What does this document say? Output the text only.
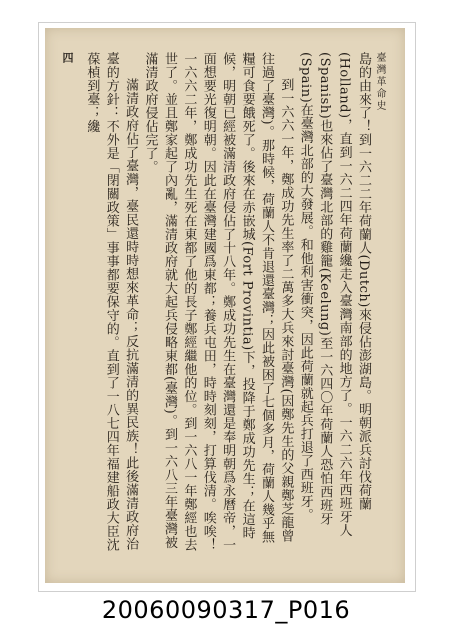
臺灣革命史
四	島的由來了！到一六二二年荷蘭人(Dutch)來侵佔澎湖島。明朝派兵討伐荷蘭(Holland)，直到一六二四年荷蘭纔走入臺灣南部的地方了。一六二六年西班牙人(Spanish)也來佔了臺灣北部的雞籠(Keelung)至一六四〇年荷蘭人恐怕西班牙(Spain)在臺灣北部的大發展。和他利害衝突，因此荷蘭就起兵打退了西班牙。

到一六六一年，鄭成功先生率了二萬多大兵來討臺灣(因鄭先生的父親鄭芝龍曾往過了臺灣)。那時候，荷蘭人不肯退還臺灣；因此被困了七個多月，荷蘭人幾乎無糧可食要餓死了。後來在赤嵌城(Fort Provintia)下，投降于鄭成功先生；在這時候，明朝已經被滿清政府侵佔了十八年。鄭成功先生在臺灣還是奉明朝爲永曆帝，一面想要光復明朝。因此在臺灣建國爲東都；養兵屯田，時時刻刻，打算伐清。唉唉！一六六二年，鄭成功先生死在東都了他的長子鄭經繼他的位。到一六八一年鄭經也去世了。並且鄭家起了內亂，滿清政府就大起兵侵略東都(臺灣)。到一六八三年臺灣被滿清政府侵佔完了。

滿清政府佔了臺灣，臺民還時時想來革命；反抗滿清的異民族！此後滿清政府治臺的方針：不外是「閉關政策」事事都要保守的。直到了一八七四年福建船政大臣沈葆楨到臺；纔

20060090317_P016
